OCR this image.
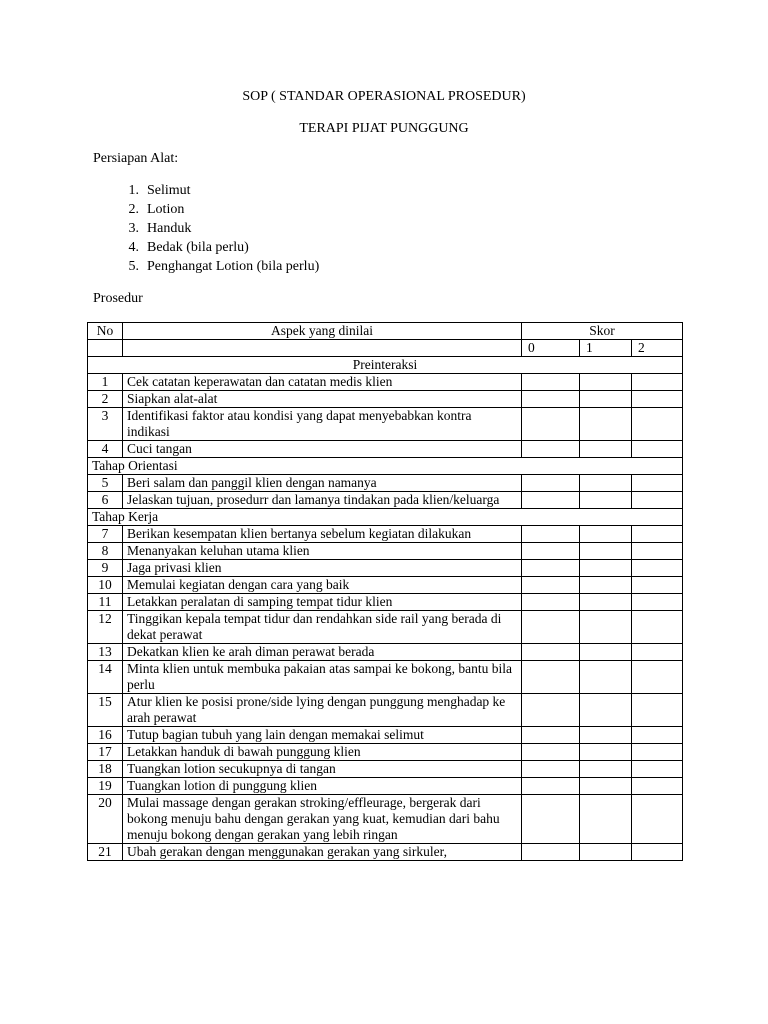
SOP ( STANDAR OPERASIONAL PROSEDUR)
TERAPI PIJAT PUNGGUNG
Persiapan Alat:
1. Selimut
2. Lotion
3. Handuk
4. Bedak (bila perlu)
5. Penghangat Lotion (bila perlu)
Prosedur
No	Aspek yang dinilai	Skor		
		0	1	2
Preinteraksi				
1	Cek catatan keperawatan dan catatan medis klien			
2	Siapkan alat-alat			
3	Identifikasi faktor atau kondisi yang dapat menyebabkan kontra indikasi			
4	Cuci tangan			
Tahap Orientasi				
5	Beri salam dan panggil klien dengan namanya			
6	Jelaskan tujuan, prosedurr dan lamanya tindakan pada klien/keluarga			
Tahap Kerja				
7	Berikan kesempatan klien bertanya sebelum kegiatan dilakukan			
8	Menanyakan keluhan utama klien			
9	Jaga privasi klien			
10	Memulai kegiatan dengan cara yang baik			
11	Letakkan peralatan di samping tempat tidur klien			
12	Tinggikan kepala tempat tidur dan rendahkan side rail yang berada di dekat perawat			
13	Dekatkan klien ke arah diman perawat berada			
14	Minta klien untuk membuka pakaian atas sampai ke bokong, bantu bila perlu			
15	Atur klien ke posisi prone/side lying dengan punggung menghadap ke arah perawat			
16	Tutup bagian tubuh yang lain dengan memakai selimut			
17	Letakkan handuk di bawah punggung klien			
18	Tuangkan lotion secukupnya di tangan			
19	Tuangkan lotion di punggung klien			
20	Mulai massage dengan gerakan stroking/effleurage, bergerak dari bokong menuju bahu dengan gerakan yang kuat, kemudian dari bahu menuju bokong dengan gerakan yang lebih ringan			
21	Ubah gerakan dengan menggunakan gerakan yang sirkuler,			
